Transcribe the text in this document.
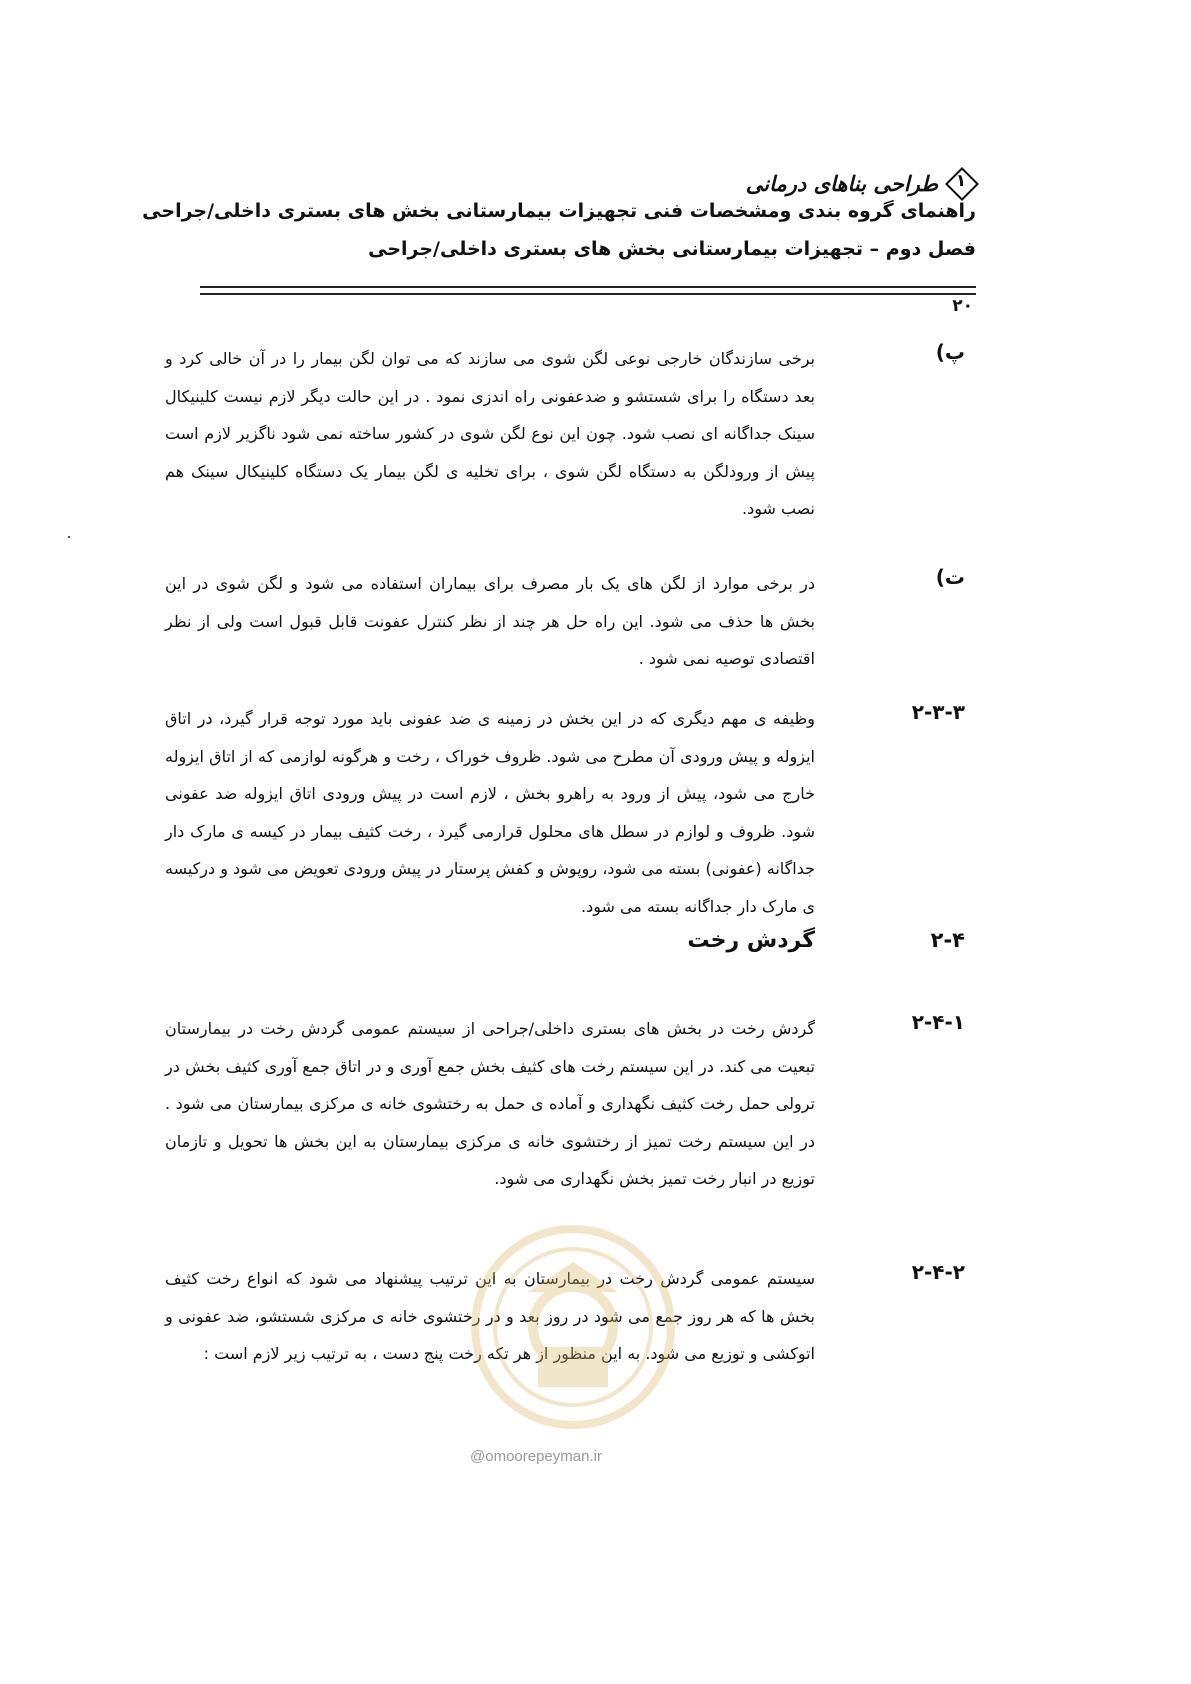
طراحی بناهای درمانی	۱
راهنمای گروه بندی ومشخصات فنی تجهیزات بیمارستانی بخش های بستری داخلی/جراحی
فصل دوم – تجهیزات بیمارستانی بخش های بستری داخلی/جراحی
۲۰
پ)
برخی سازندگان خارجی نوعی لگن شوی می سازند که می توان لگن بیمار را در آن خالی کرد و بعد دستگاه را برای شستشو و ضدعفونی راه اندزی نمود . در این حالت دیگر لازم نیست کلینیکال سینک جداگانه ای نصب شود. چون این نوع لگن شوی در کشور ساخته نمی شود ناگزیر لازم است پیش از ورودلگن به دستگاه لگن شوی ، برای تخلیه ی لگن بیمار یک دستگاه کلینیکال سینک هم نصب شود.
ت)
در برخی موارد از لگن های یک بار مصرف برای بیماران استفاده می شود و لگن شوی در این بخش ها حذف می شود. این راه حل هر چند از نظر کنترل عفونت قابل قبول است ولی از نظر اقتصادی توصیه نمی شود .
۲-۳-۳
وظیفه ی مهم دیگری که در این بخش در زمینه ی ضد عفونی باید مورد توجه قرار گیرد، در اتاق ایزوله و پیش ورودی آن مطرح می شود. ظروف خوراک ، رخت و هرگونه لوازمی که از اتاق ایزوله خارج می شود، پیش از ورود به راهرو بخش ، لازم است در پیش ورودی اتاق ایزوله ضد عفونی شود. ظروف و لوازم در سطل های محلول قرارمی گیرد ، رخت کثیف بیمار در کیسه ی مارک دار جداگانه (عفونی) بسته می شود، روپوش و کفش پرستار در پیش ورودی تعویض می شود و درکیسه ی مارک دار جداگانه بسته می شود.
۲-۴
گردش رخت
۲-۴-۱
گردش رخت در بخش های بستری داخلی/جراحی از سیستم عمومی گردش رخت در بیمارستان تبعیت می کند. در این سیستم رخت های کثیف بخش جمع آوری و در اتاق جمع آوری کثیف بخش در ترولی حمل رخت کثیف نگهداری و آماده ی حمل به رختشوی خانه ی مرکزی بیمارستان می شود . در این سیستم رخت تمیز از رختشوی خانه ی مرکزی بیمارستان به این بخش ها تحویل و تازمان توزیع در انبار رخت تمیز بخش نگهداری می شود.
۲-۴-۲
سیستم عمومی گردش رخت در بیمارستان به این ترتیب پیشنهاد می شود که انواع رخت کثیف بخش ها که هر روز جمع می شود در روز بعد و در رختشوی خانه ی مرکزی شستشو، ضد عفونی و اتوکشی و توزیع می شود. به این منظور از هر تکه رخت پنج دست ، به ترتیب زیر لازم است :
@omoorepeyman.ir
